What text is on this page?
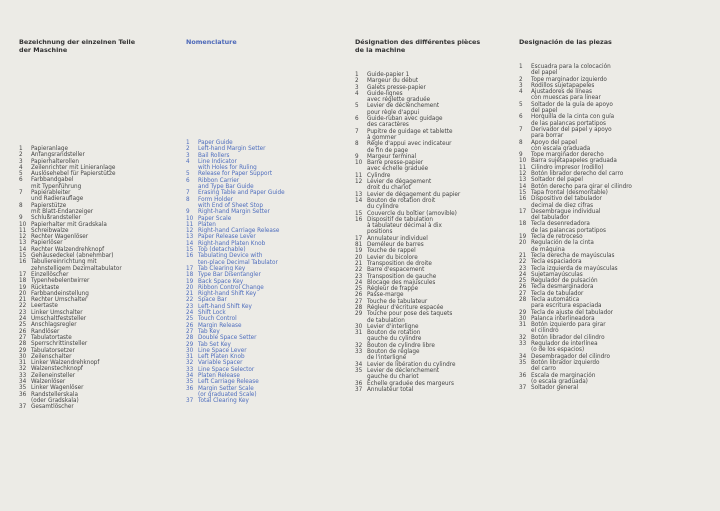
Bezeichnung der einzelnen Teile
der Maschine
1 Papieranlage
2 Anfangsrandsteller
3 Papierhalterollen
4 Zeilenrichter mit Linieranlage
5 Auslösehebel für Papierstütze
6 Farbbandgabel
mit Typenführung
7 Papierableiter
und Radierauflage
8 Papierstütze
mit Blatt-Endanzeiger
9 Schlußrandsteller
10 Papierhalter mit Gradskala
11 Schreibwalze
12 Rechter Wagenlöser
13 Papierlöser
14 Rechter Walzendrehknopf
15 Gehäusedeckel (abnehmbar)
16 Tabuliereinrichtung mit
zehnstelligem Dezimaltabulator
17 Einzellöscher
18 Typenhebelentwirrer
19 Rücktaste
20 Farbbandeinstellung
21 Rechter Umschalter
22 Leertaste
23 Linker Umschalter
24 Umschaltfeststeller
25 Anschlagsregler
26 Randlöser
27 Tabulatortaste
28 Sperrschrittinsteller
29 Tabulatorsetzer
30 Zeilenschalter
31 Linker Walzendrehknopf
32 Walzenstechknopf
33 Zeileneinsteller
34 Walzenlöser
35 Linker Wagenlöser
36 Randstellerskala
(oder Gradskala)
37 Gesamtlöscher
Nomenclature
1 Paper Guide
2 Left-hand Margin Setter
3 Bail Rollers
4 Line Indicator
with Holes for Ruling
5 Release for Paper Support
6 Ribbon Carrier
and Type Bar Guide
7 Erasing Table and Paper Guide
8 Form Holder
with End of Sheet Stop
9 Right-hand Margin Setter
10 Paper Scale
11 Platen
12 Right-hand Carriage Release
13 Paper Release Lever
14 Right-hand Platen Knob
15 Top (detachable)
16 Tabulating Device with
ten-place Decimal Tabulator
17 Tab Clearing Key
18 Type Bar Disentangler
19 Back Space Key
20 Ribbon Control Change
21 Right-hand Shift Key
22 Space Bar
23 Left-hand Shift Key
24 Shift Lock
25 Touch Control
26 Margin Release
27 Tab Key
28 Double Space Setter
29 Tab Set Key
30 Line Space Lever
31 Left Platen Knob
32 Variable Spacer
33 Line Space Selector
34 Platen Release
35 Left Carriage Release
36 Margin Setter Scale
(or graduated Scale)
37 Total Clearing Key
Désignation des différentes pièces
de la machine
1 Guide-papier 1
2 Margeur du début
3 Galets presse-papier
4 Guide-lignes
avec réglette graduée
5 Levier de déclenchement
pour règle d'appui
6 Guide-ruban avec guidage
des caractères
7 Pupitre de guidage et tablette
à gommer
8 Règle d'appui avec indicateur
de fin de page
9 Margeur terminal
10 Barre presse-papier
avec échelle graduée
11 Cylindre
12 Levier de dégagement
droit du chariot
13 Levier de dégagement du papier
14 Bouton de rotation droit
du cylindre
15 Couvercle du boîtier (amovible)
16 Dispositif de tabulation
à tabulateur décimal à dix
positions
17 Annulateur individuel
81 Deméleur de barres
19 Touche de rappel
20 Levier du bicolore
21 Transposition de droite
22 Barre d'espacement
23 Transposition de gauche
24 Blocage des majuscules
25 Régleur de frappe
26 Passe-marge
27 Touche de tabulateur
28 Régleur d'écriture espacée
29 Touche pour pose des taquets
de tabulation
30 Levier d'interligne
31 Bouton de rotation
gauche du cylindre
32 Bouton de cylindre libre
33 Bouton de réglage
de l'interligne
34 Levier de libération du cylindre
35 Levier de déclenchement
gauche du chariot
36 Échelle graduée des margeurs
37 Annulateur total
Designación de las piezas
1 Escuadra para la colocación
del papel
2 Tope marginador izquierdo
3 Rodillos sujetapapeles
4 Ajustadores de líneas
con muescas para linear
5 Soltador de la guía de apoyo
del papel
6 Horquilla de la cinta con guía
de las palancas portatipos
7 Derivador del papel y apoyo
para borrar
8 Apoyo del papel
con escala graduada
9 Tope marginador derecho
10 Barra sujetapapeles graduada
11 Cilindro impresor (rodillo)
12 Botón librador derecho del carro
13 Soltador del papel
14 Botón derecho para girar el cilindro
15 Tapa frontal (desmontable)
16 Dispositivo del tabulador
decimal de diez cifras
17 Desembrague individual
del tabulador
18 Tecla desenredadora
de las palancas portatipos
19 Tecla de retroceso
20 Regulación de la cinta
de máquina
21 Tecla derecha de mayúsculas
22 Tecla espaciadora
23 Tecla izquierda de mayúsculas
24 Sujetamayúsculas
25 Regulador de pulsación
26 Tecla desmarginadora
27 Tecla de tabulador
28 Tecla automática
para escritura espaciada
29 Tecla de ajuste del tabulador
30 Palanca interlineadora
31 Botón izquierdo para girar
el cilindro
32 Botón librador del cilindro
33 Regulador de interlínea
(o de los espacios)
34 Desembragador del cilindro
35 Botón librador izquierdo
del carro
36 Escala de marginación
(o escala graduada)
37 Soltador general
